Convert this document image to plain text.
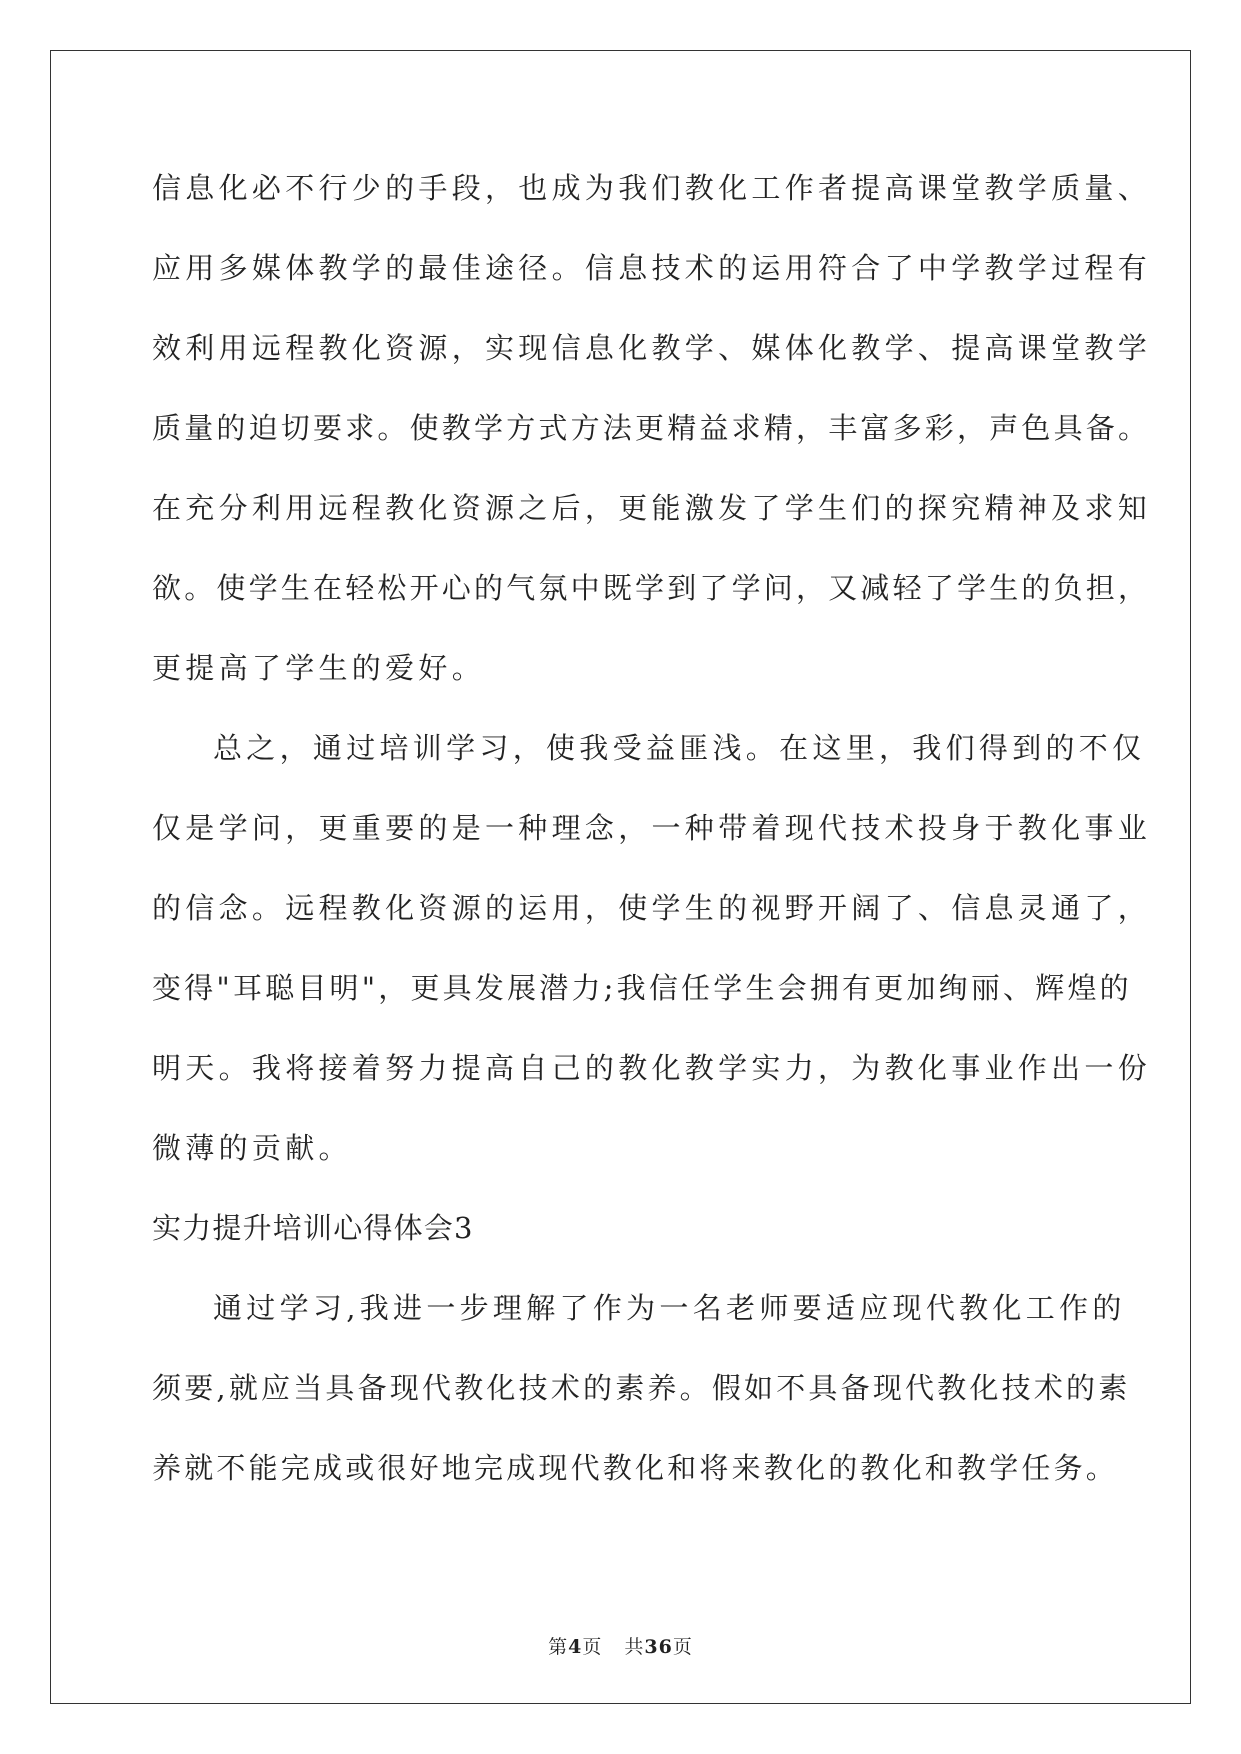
信息化必不行少的手段，也成为我们教化工作者提高课堂教学质量、
应用多媒体教学的最佳途径。信息技术的运用符合了中学教学过程有
效利用远程教化资源，实现信息化教学、媒体化教学、提高课堂教学
质量的迫切要求。使教学方式方法更精益求精，丰富多彩，声色具备。
在充分利用远程教化资源之后，更能激发了学生们的探究精神及求知
欲。使学生在轻松开心的气氛中既学到了学问，又减轻了学生的负担，
更提高了学生的爱好。
总之，通过培训学习，使我受益匪浅。在这里，我们得到的不仅
仅是学问，更重要的是一种理念，一种带着现代技术投身于教化事业
的信念。远程教化资源的运用，使学生的视野开阔了、信息灵通了，
变得"耳聪目明"，更具发展潜力;我信任学生会拥有更加绚丽、辉煌的
明天。我将接着努力提高自己的教化教学实力，为教化事业作出一份
微薄的贡献。
实力提升培训心得体会3
通过学习,我进一步理解了作为一名老师要适应现代教化工作的
须要,就应当具备现代教化技术的素养。假如不具备现代教化技术的素
养就不能完成或很好地完成现代教化和将来教化的教化和教学任务。
第4页 共36页
